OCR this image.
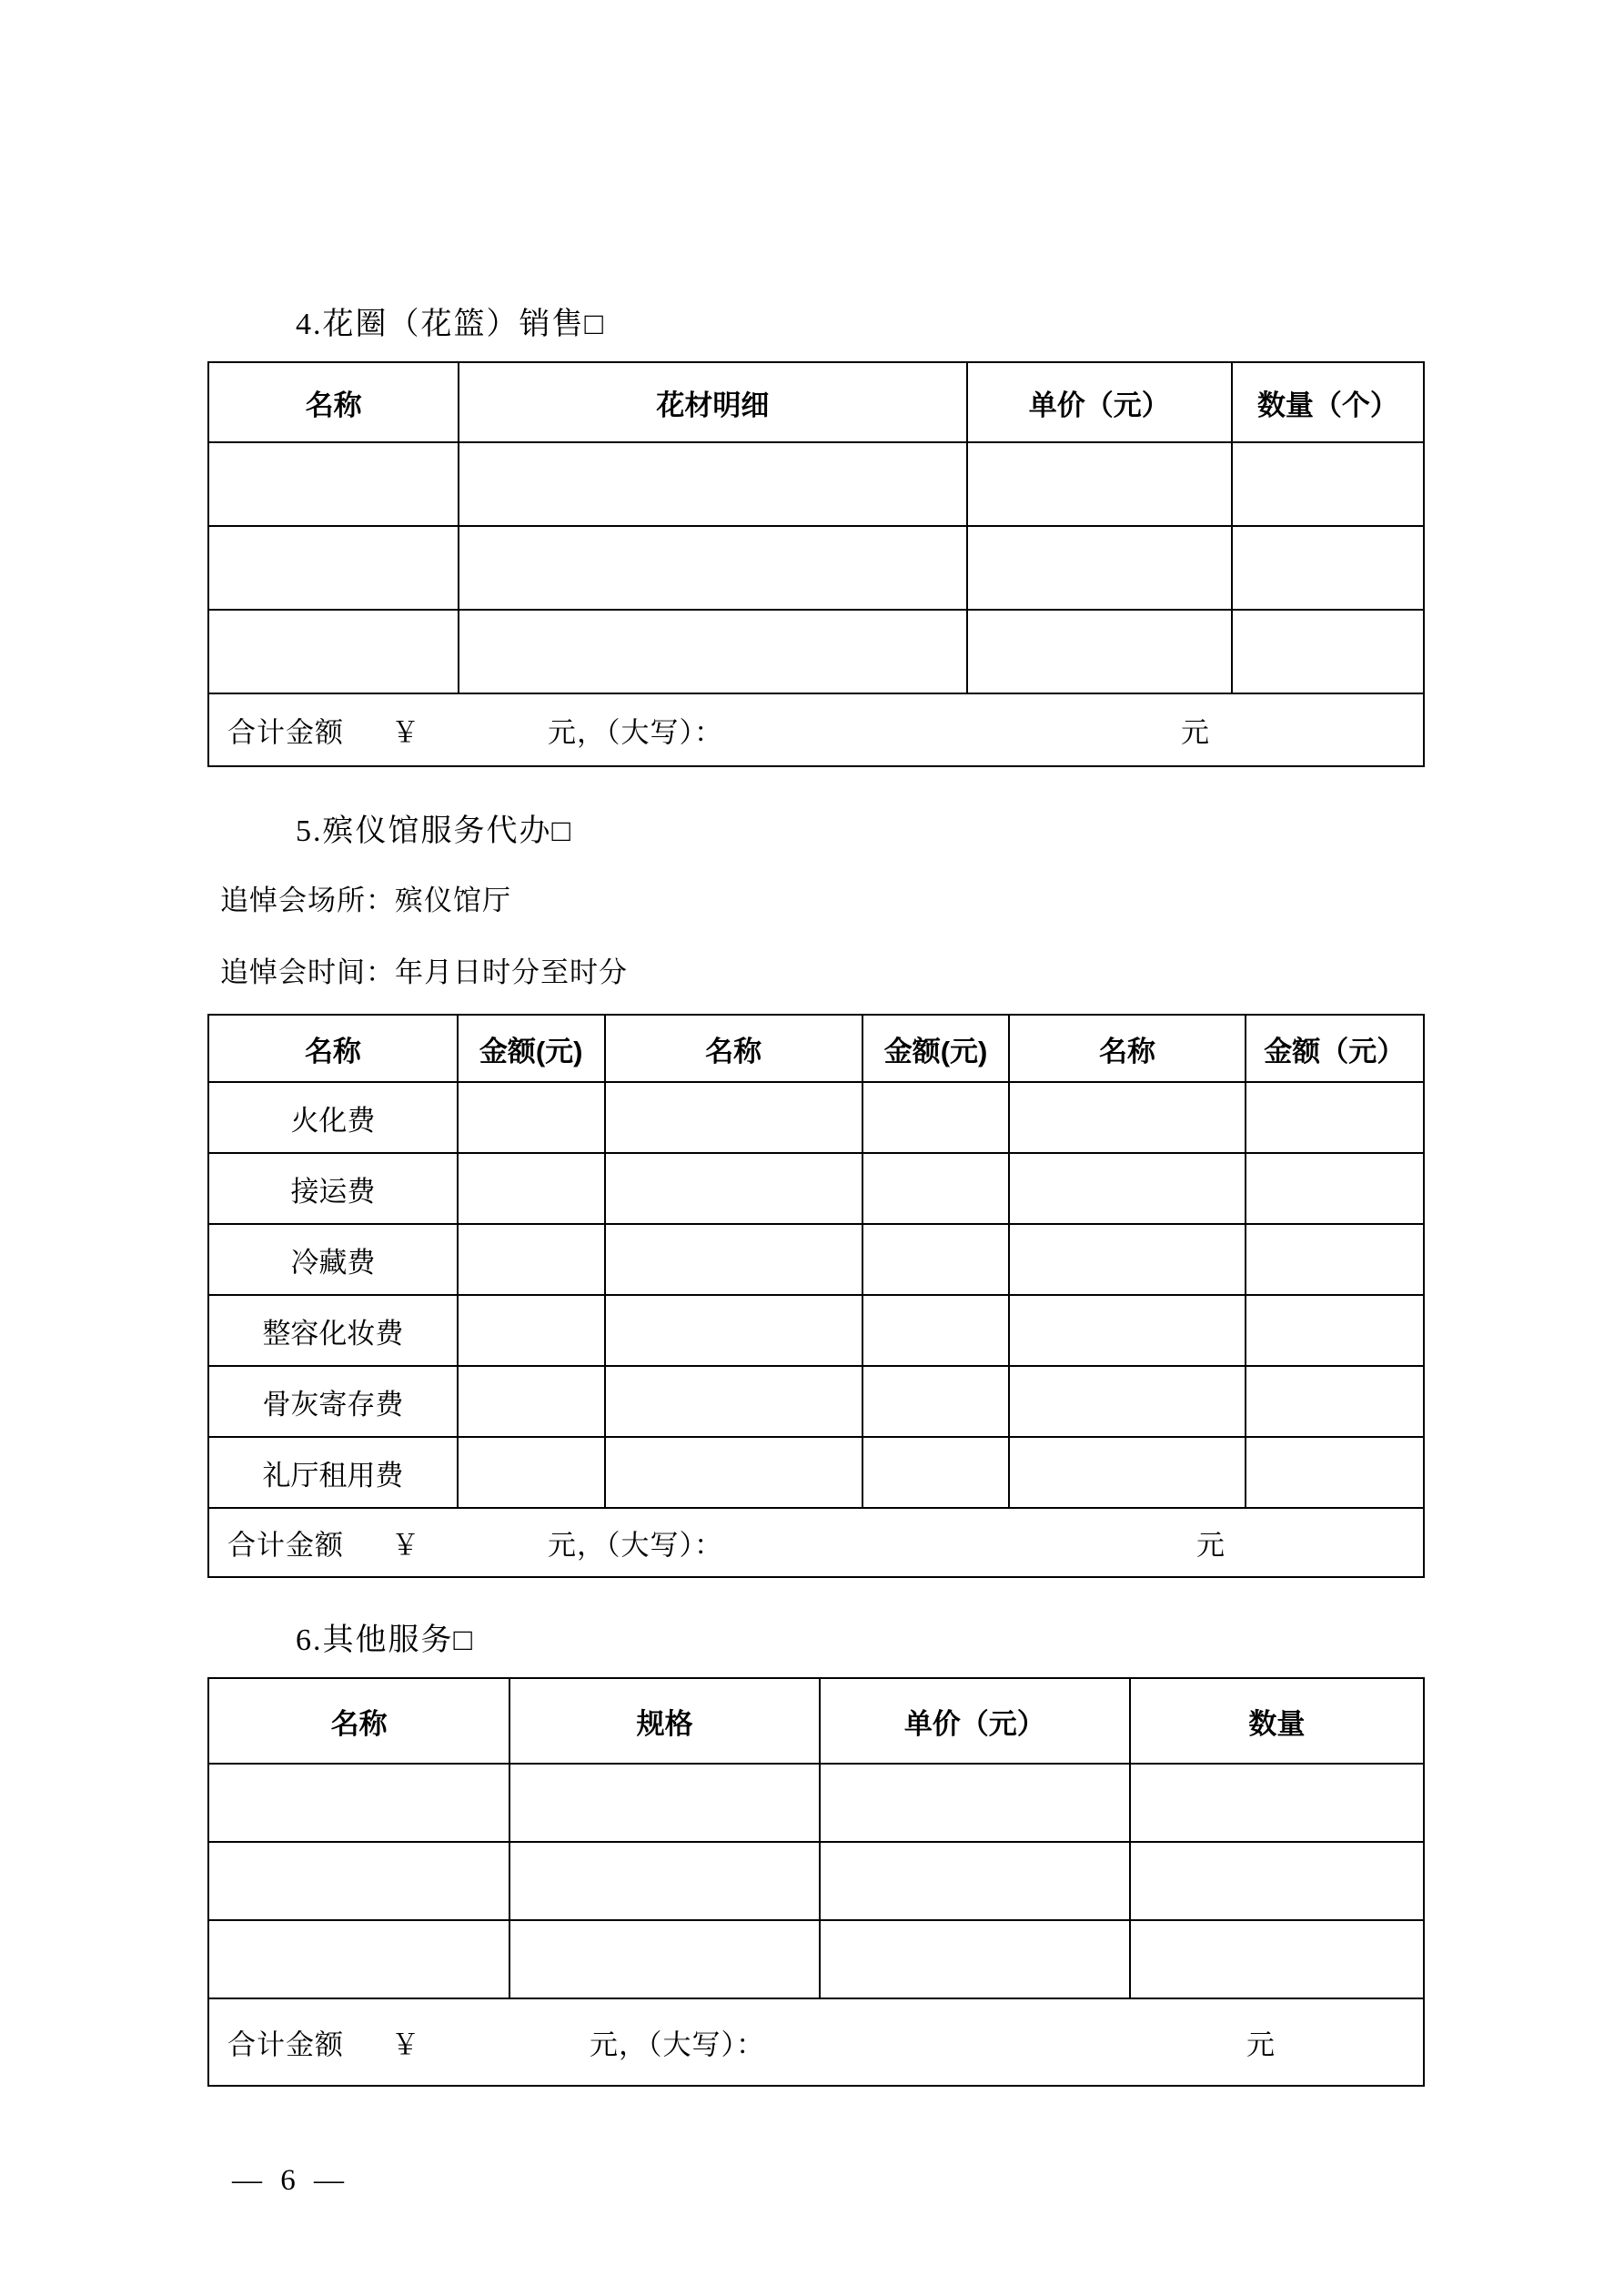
4.花圈（花篮）销售□
名称	花材明细	单价（元）	数量（个）

合计金额 ￥ 元，（大写）： 元			
5.殡仪馆服务代办□
追悼会场所：殡仪馆厅
追悼会时间：年月日时分至时分
名称	金额(元)	名称	金额(元)	名称	金额（元）
火化费					
接运费					
冷藏费					
整容化妆费					
骨灰寄存费					
礼厅租用费					

合计金额 ￥ 元，（大写）： 元					
6.其他服务□
名称	规格	单价（元）	数量

合计金额 ￥ 元，（大写）： 元			
— 6 —
